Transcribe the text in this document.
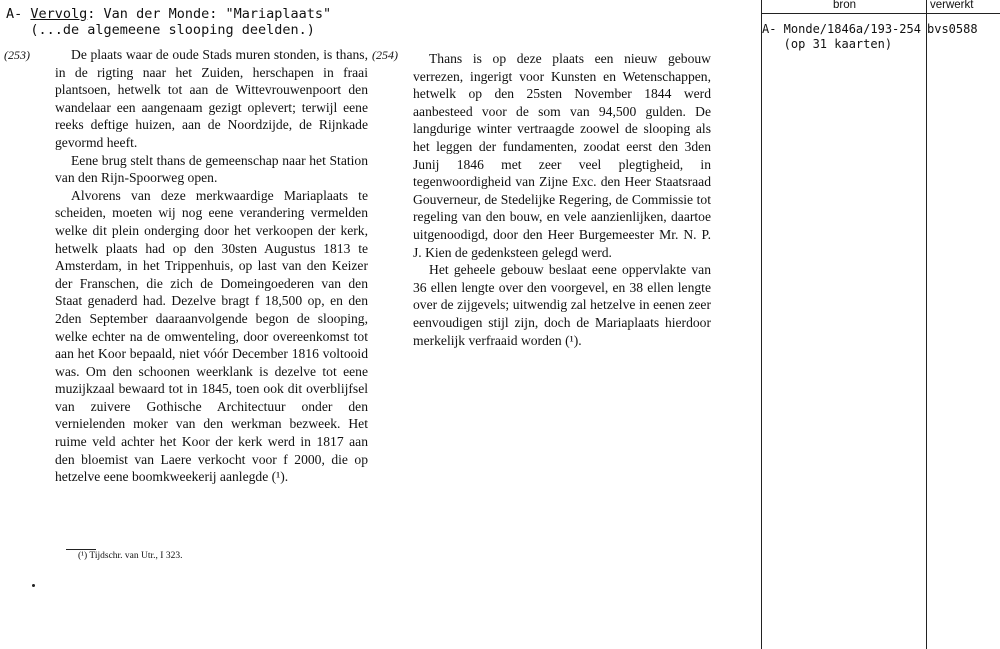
A- Vervolg: Van der Monde: "Mariaplaats"
(...de algemeene slooping deelden.)
(253)	(254)

De plaats waar de oude Stads muren stonden, is thans, in de rigting naar het Zuiden, herschapen in fraai plantsoen, hetwelk tot aan de Wittevrouwenpoort den wandelaar een aangenaam gezigt oplevert; terwijl eene reeks deftige huizen, aan de Noordzijde, de Rijnkade gevormd heeft.

Eene brug stelt thans de gemeenschap naar het Station van den Rijn-Spoorweg open.

Alvorens van deze merkwaardige Mariaplaats te scheiden, moeten wij nog eene verandering vermelden welke dit plein onderging door het verkoopen der kerk, hetwelk plaats had op den 30sten Augustus 1813 te Amsterdam, in het Trippenhuis, op last van den Keizer der Franschen, die zich de Domeingoederen van den Staat genaderd had. Dezelve bragt f 18,500 op, en den 2den September daaraanvolgende begon de slooping, welke echter na de omwenteling, door overeenkomst tot aan het Koor bepaald, niet vóór December 1816 voltooid was. Om den schoonen weerklank is dezelve tot eene muzijkzaal bewaard tot in 1845, toen ook dit overblijfsel van zuivere Gothische Architectuur onder den vernielenden moker van den werkman bezweek. Het ruime veld achter het Koor der kerk werd in 1817 aan den bloemist van Laere verkocht voor f 2000, die op hetzelve eene boomkweekerij aanlegde (¹).

(¹) Tijdschr. van Utr., I 323.

Thans is op deze plaats een nieuw gebouw verrezen, ingerigt voor Kunsten en Wetenschappen, hetwelk op den 25sten November 1844 werd aanbesteed voor de som van 94,500 gulden. De langdurige winter vertraagde zoowel de slooping als het leggen der fundamenten, zoodat eerst den 3den Junij 1846 met zeer veel plegtigheid, in tegenwoordigheid van Zijne Exc. den Heer Staatsraad Gouverneur, de Stedelijke Regering, de Commissie tot regeling van den bouw, en vele aanzienlijken, daartoe uitgenoodigd, door den Heer Burgemeester Mr. N. P. J. Kien de gedenksteen gelegd werd.

Het geheele gebouw beslaat eene oppervlakte van 36 ellen lengte over den voorgevel, en 38 ellen lengte over de zijgevels; uitwendig zal hetzelve in eenen zeer eenvoudigen stijl zijn, doch de Mariaplaats hierdoor merkelijk verfraaid worden (¹).

bron	verwerkt
A- Monde/1846a/193-254
(op 31 kaarten)
bvs0588
